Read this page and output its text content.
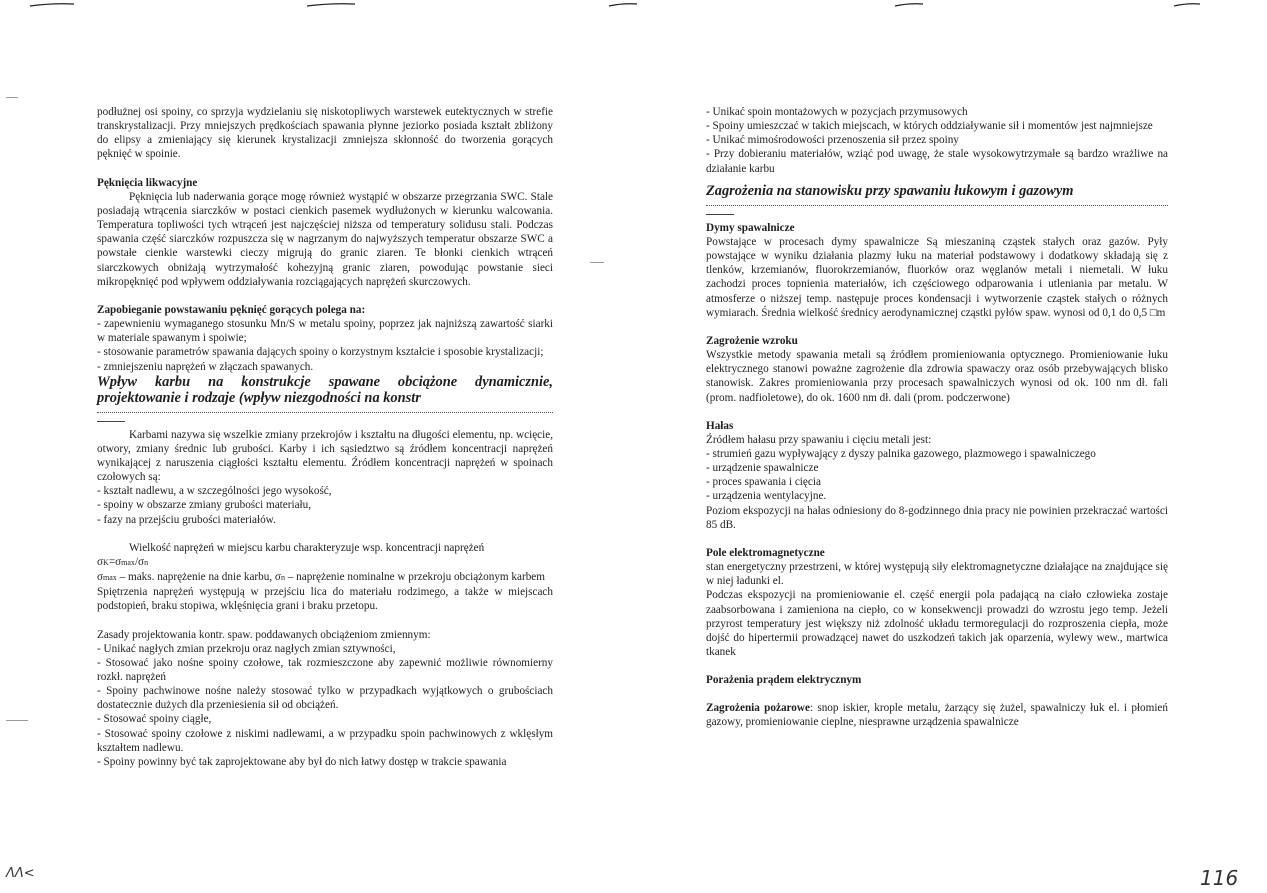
ΛΛ<	116

podłużnej osi spoiny, co sprzyja wydzielaniu się niskotopliwych warstewek eutektycznych w strefie transkrystalizacji. Przy mniejszych prędkościach spawania płynne jeziorko posiada kształt zbliżony do elipsy a zmieniający się kierunek krystalizacji zmniejsza skłonność do tworzenia gorących pęknięć w spoinie.

Pęknięcia likwacyjne

Pęknięcia lub naderwania gorące mogę również wystąpić w obszarze przegrzania SWC. Stale posiadają wtrącenia siarczków w postaci cienkich pasemek wydłużonych w kierunku walcowania. Temperatura topliwości tych wtrąceń jest najczęściej niższa od temperatury solidusu stali. Podczas spawania część siarczków rozpuszcza się w nagrzanym do najwyższych temperatur obszarze SWC a powstałe cienkie warstewki cieczy migrują do granic ziaren. Te błonki cienkich wtrąceń siarczkowych obniżają wytrzymałość kohezyjną granic ziaren, powodując powstanie sieci mikropęknięć pod wpływem oddziaływania rozciągających naprężeń skurczowych.

Zapobieganie powstawaniu pęknięć gorących polega na:

- zapewnieniu wymaganego stosunku Mn/S w metalu spoiny, poprzez jak najniższą zawartość siarki w materiale spawanym i spoiwie;

- stosowanie parametrów spawania dających spoiny o korzystnym kształcie i sposobie krystalizacji;

- zmniejszeniu naprężeń w złączach spawanych.

Wpływ karbu na konstrukcje spawane obciążone dynamicznie, projektowanie i rodzaje (wpływ niezgodności na konstr

Karbami nazywa się wszelkie zmiany przekrojów i kształtu na długości elementu, np. wcięcie, otwory, zmiany średnic lub grubości. Karby i ich sąsiedztwo są źródłem koncentracji naprężeń wynikającej z naruszenia ciągłości kształtu elementu. Źródłem koncentracji naprężeń w spoinach czołowych są:

- kształt nadlewu, a w szczególności jego wysokość,

- spoiny w obszarze zmiany grubości materiału,

- fazy na przejściu grubości materiałów.

Wielkość naprężeń w miejscu karbu charakteryzuje wsp. koncentracji naprężeń

σK=σmax/σn

σmax – maks. naprężenie na dnie karbu, σn – naprężenie nominalne w przekroju obciążonym karbem

Spiętrzenia naprężeń występują w przejściu lica do materiału rodzimego, a także w miejscach podstopień, braku stopiwa, wklęśnięcia grani i braku przetopu.

Zasady projektowania kontr. spaw. poddawanych obciążeniom zmiennym:

- Unikać nagłych zmian przekroju oraz nagłych zmian sztywności,

- Stosować jako nośne spoiny czołowe, tak rozmieszczone aby zapewnić możliwie równomierny rozkł. naprężeń

- Spoiny pachwinowe nośne należy stosować tylko w przypadkach wyjątkowych o grubościach dostatecznie dużych dla przeniesienia sił od obciążeń.

- Stosować spoiny ciągłe,

- Stosować spoiny czołowe z niskimi nadlewami, a w przypadku spoin pachwinowych z wklęsłym kształtem nadlewu.

- Spoiny powinny być tak zaprojektowane aby był do nich łatwy dostęp w trakcie spawania

- Unikać spoin montażowych w pozycjach przymusowych

- Spoiny umieszczać w takich miejscach, w których oddziaływanie sił i momentów jest najmniejsze

- Unikać mimośrodowości przenoszenia sił przez spoiny

- Przy dobieraniu materiałów, wziąć pod uwagę, że stale wysokowytrzymałe są bardzo wrażliwe na działanie karbu

Zagrożenia na stanowisku przy spawaniu łukowym i gazowym

Dymy spawalnicze

Powstające w procesach dymy spawalnicze Są mieszaniną cząstek stałych oraz gazów. Pyły powstające w wyniku działania plazmy łuku na materiał podstawowy i dodatkowy składają się z tlenków, krzemianów, fluorokrzemianów, fluorków oraz węglanów metali i niemetali. W łuku zachodzi proces topnienia materiałów, ich częściowego odparowania i utleniania par metalu. W atmosferze o niższej temp. następuje proces kondensacji i wytworzenie cząstek stałych o różnych wymiarach. Średnia wielkość średnicy aerodynamicznej cząstki pyłów spaw. wynosi od 0,1 do 0,5 □m

Zagrożenie wzroku

Wszystkie metody spawania metali są źródłem promieniowania optycznego. Promieniowanie łuku elektrycznego stanowi poważne zagrożenie dla zdrowia spawaczy oraz osób przebywających blisko stanowisk. Zakres promieniowania przy procesach spawalniczych wynosi od ok. 100 nm dł. fali (prom. nadfioletowe), do ok. 1600 nm dł. dali (prom. podczerwone)

Hałas

Źródłem hałasu przy spawaniu i cięciu metali jest:

- strumień gazu wypływający z dyszy palnika gazowego, plazmowego i spawalniczego

- urządzenie spawalnicze

- proces spawania i cięcia

- urządzenia wentylacyjne.

Poziom ekspozycji na hałas odniesiony do 8-godzinnego dnia pracy nie powinien przekraczać wartości 85 dB.

Pole elektromagnetyczne

stan energetyczny przestrzeni, w której występują siły elektromagnetyczne działające na znajdujące się w niej ładunki el.

Podczas ekspozycji na promieniowanie el. część energii pola padającą na ciało człowieka zostaje zaabsorbowana i zamieniona na ciepło, co w konsekwencji prowadzi do wzrostu jego temp. Jeżeli przyrost temperatury jest większy niż zdolność układu termoregulacji do rozproszenia ciepła, może dojść do hipertermii prowadzącej nawet do uszkodzeń takich jak oparzenia, wylewy wew., martwica tkanek

Porażenia prądem elektrycznym

Zagrożenia pożarowe: snop iskier, krople metalu, żarzący się żużel, spawalniczy łuk el. i płomień gazowy, promieniowanie cieplne, niesprawne urządzenia spawalnicze
